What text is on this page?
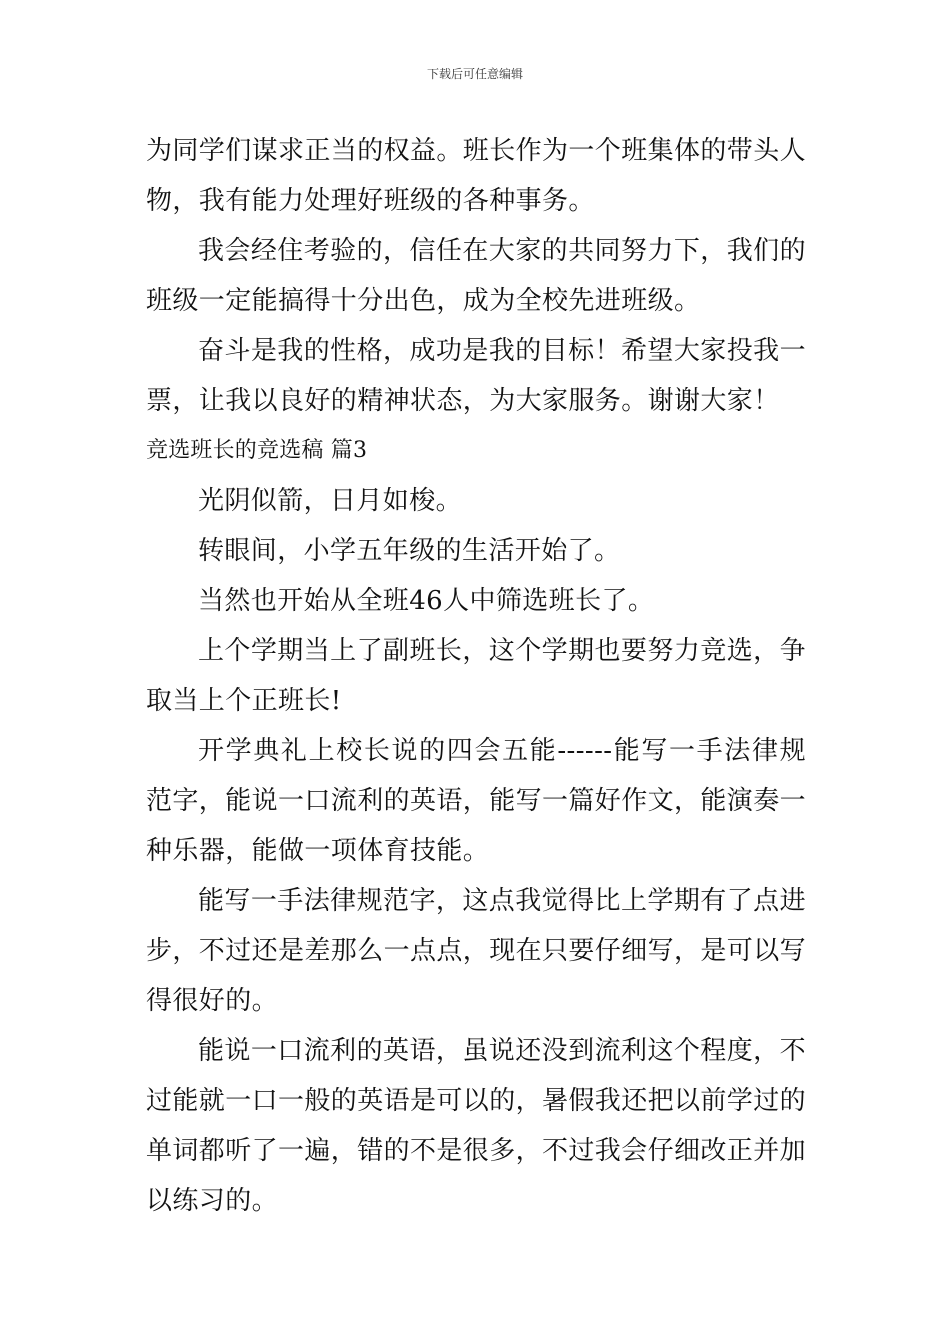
下载后可任意编辑

为同学们谋求正当的权益。班长作为一个班集体的带头人物，我有能力处理好班级的各种事务。

我会经住考验的，信任在大家的共同努力下，我们的班级一定能搞得十分出色，成为全校先进班级。

奋斗是我的性格，成功是我的目标！希望大家投我一票，让我以良好的精神状态，为大家服务。谢谢大家！

竞选班长的竞选稿 篇3

光阴似箭，日月如梭。

转眼间，小学五年级的生活开始了。

当然也开始从全班46人中筛选班长了。

上个学期当上了副班长，这个学期也要努力竞选，争取当上个正班长!

开学典礼上校长说的四会五能------能写一手法律规范字，能说一口流利的英语，能写一篇好作文，能演奏一种乐器，能做一项体育技能。

能写一手法律规范字，这点我觉得比上学期有了点进步，不过还是差那么一点点，现在只要仔细写，是可以写得很好的。

能说一口流利的英语，虽说还没到流利这个程度，不过能就一口一般的英语是可以的，暑假我还把以前学过的单词都听了一遍，错的不是很多，不过我会仔细改正并加以练习的。
